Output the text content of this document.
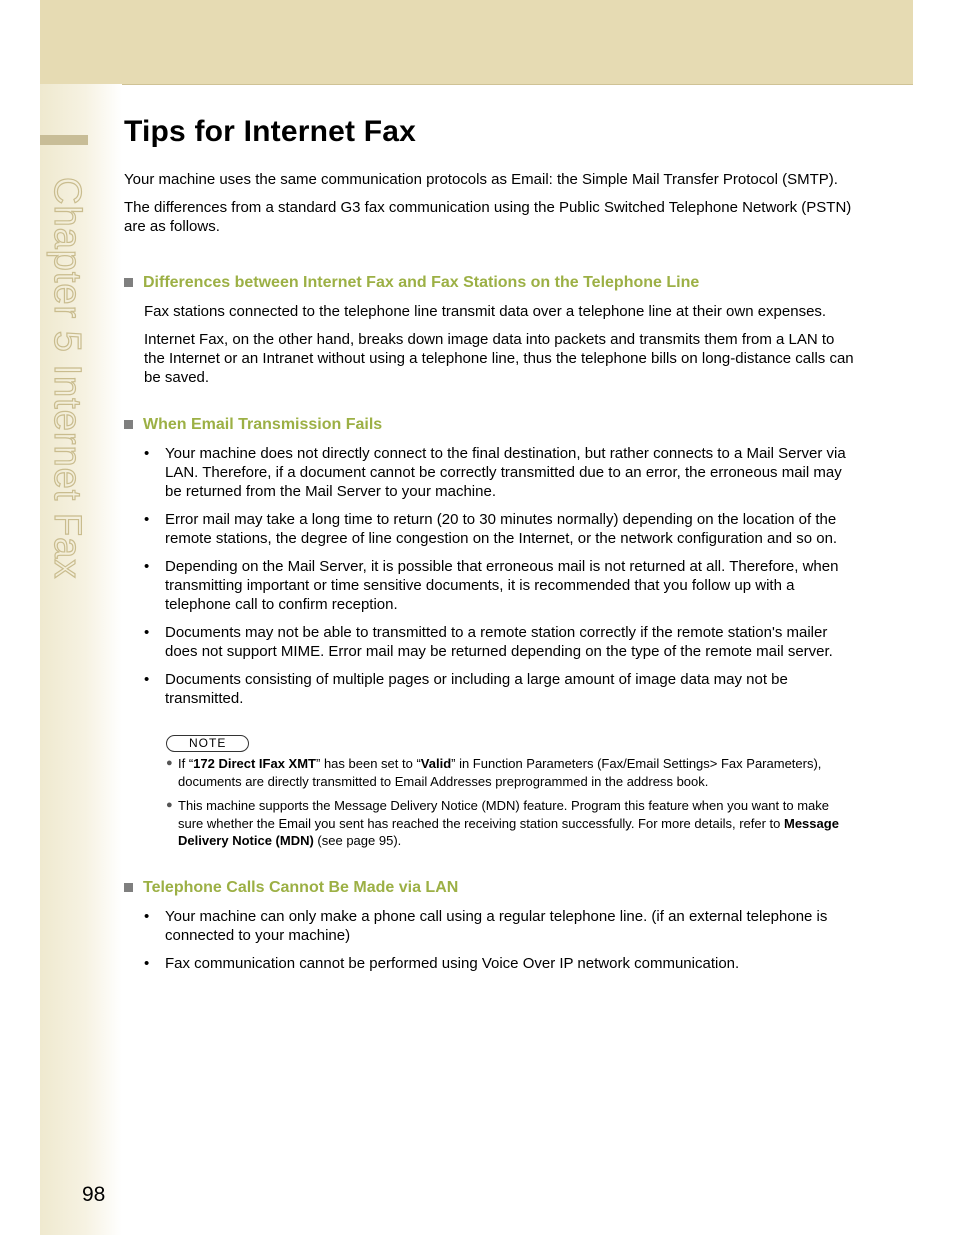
Chapter 5 Internet Fax
Tips for Internet Fax

Your machine uses the same communication protocols as Email: the Simple Mail Transfer Protocol (SMTP).

The differences from a standard G3 fax communication using the Public Switched Telephone Network (PSTN) are as follows.

Differences between Internet Fax and Fax Stations on the Telephone Line

Fax stations connected to the telephone line transmit data over a telephone line at their own expenses.

Internet Fax, on the other hand, breaks down image data into packets and transmits them from a LAN to the Internet or an Intranet without using a telephone line, thus the telephone bills on long-distance calls can be saved.

When Email Transmission Fails
• Your machine does not directly connect to the final destination, but rather connects to a Mail Server via LAN. Therefore, if a document cannot be correctly transmitted due to an error, the erroneous mail may be returned from the Mail Server to your machine.
• Error mail may take a long time to return (20 to 30 minutes normally) depending on the location of the remote stations, the degree of line congestion on the Internet, or the network configuration and so on.
• Depending on the Mail Server, it is possible that erroneous mail is not returned at all. Therefore, when transmitting important or time sensitive documents, it is recommended that you follow up with a telephone call to confirm reception.
• Documents may not be able to transmitted to a remote station correctly if the remote station's mailer does not support MIME. Error mail may be returned depending on the type of the remote mail server.
• Documents consisting of multiple pages or including a large amount of image data may not be transmitted.
NOTE
● If “172 Direct IFax XMT” has been set to “Valid” in Function Parameters (Fax/Email Settings> Fax Parameters), documents are directly transmitted to Email Addresses preprogrammed in the address book.
● This machine supports the Message Delivery Notice (MDN) feature. Program this feature when you want to make sure whether the Email you sent has reached the receiving station successfully. For more details, refer to Message Delivery Notice (MDN) (see page 95).
Telephone Calls Cannot Be Made via LAN
• Your machine can only make a phone call using a regular telephone line. (if an external telephone is connected to your machine)
• Fax communication cannot be performed using Voice Over IP network communication.
98
